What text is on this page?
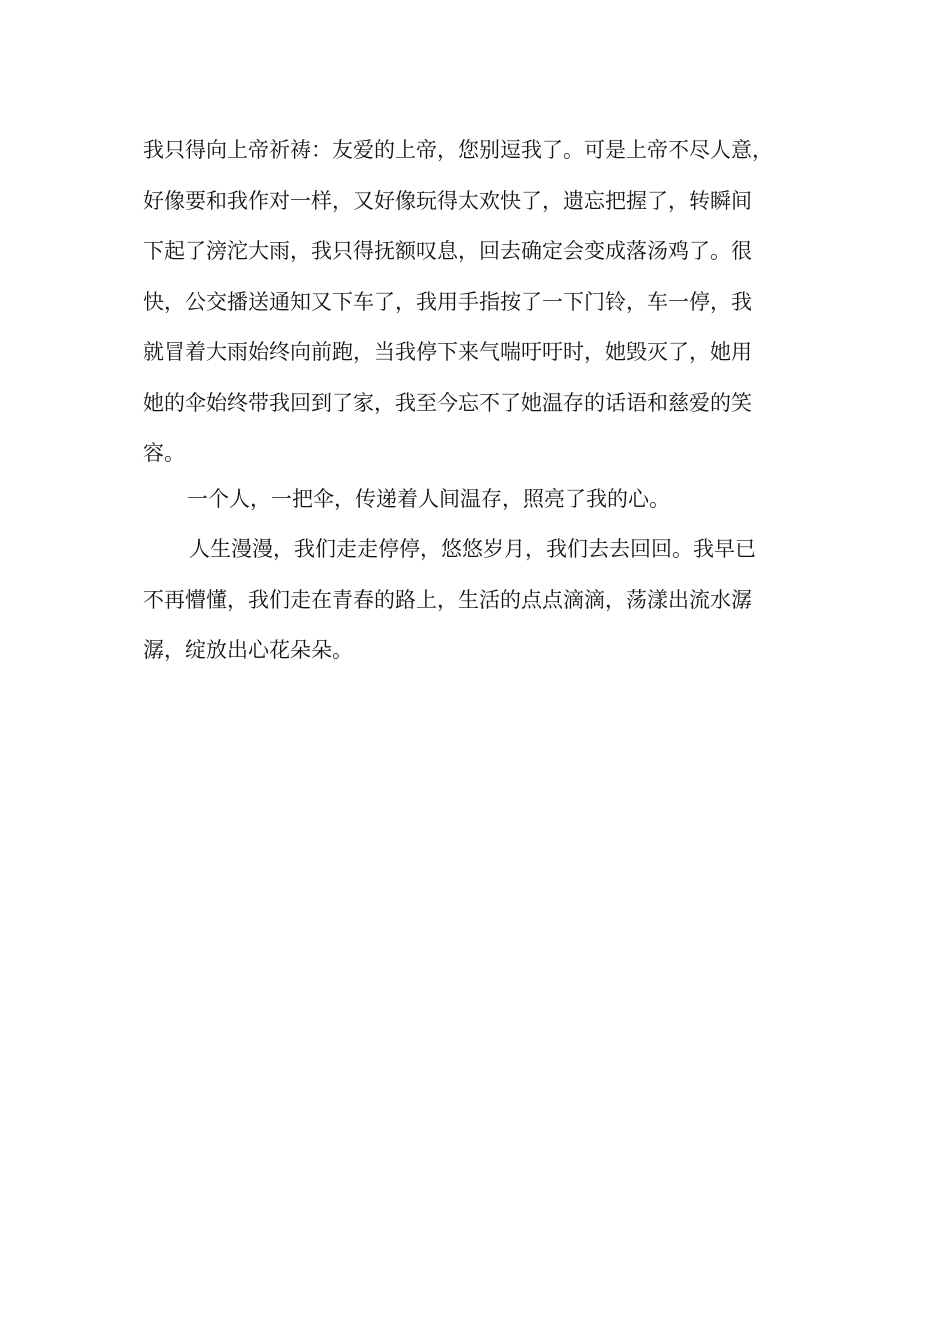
我只得向上帝祈祷：友爱的上帝，您别逗我了。可是上帝不尽人意，
好像要和我作对一样，又好像玩得太欢快了，遗忘把握了，转瞬间
下起了滂沱大雨，我只得抚额叹息，回去确定会变成落汤鸡了。很
快，公交播送通知又下车了，我用手指按了一下门铃，车一停，我
就冒着大雨始终向前跑，当我停下来气喘吁吁时，她毁灭了，她用
她的伞始终带我回到了家，我至今忘不了她温存的话语和慈爱的笑
容。
一个人，一把伞，传递着人间温存，照亮了我的心。
人生漫漫，我们走走停停，悠悠岁月，我们去去回回。我早已
不再懵懂，我们走在青春的路上，生活的点点滴滴，荡漾出流水潺
潺，绽放出心花朵朵。
